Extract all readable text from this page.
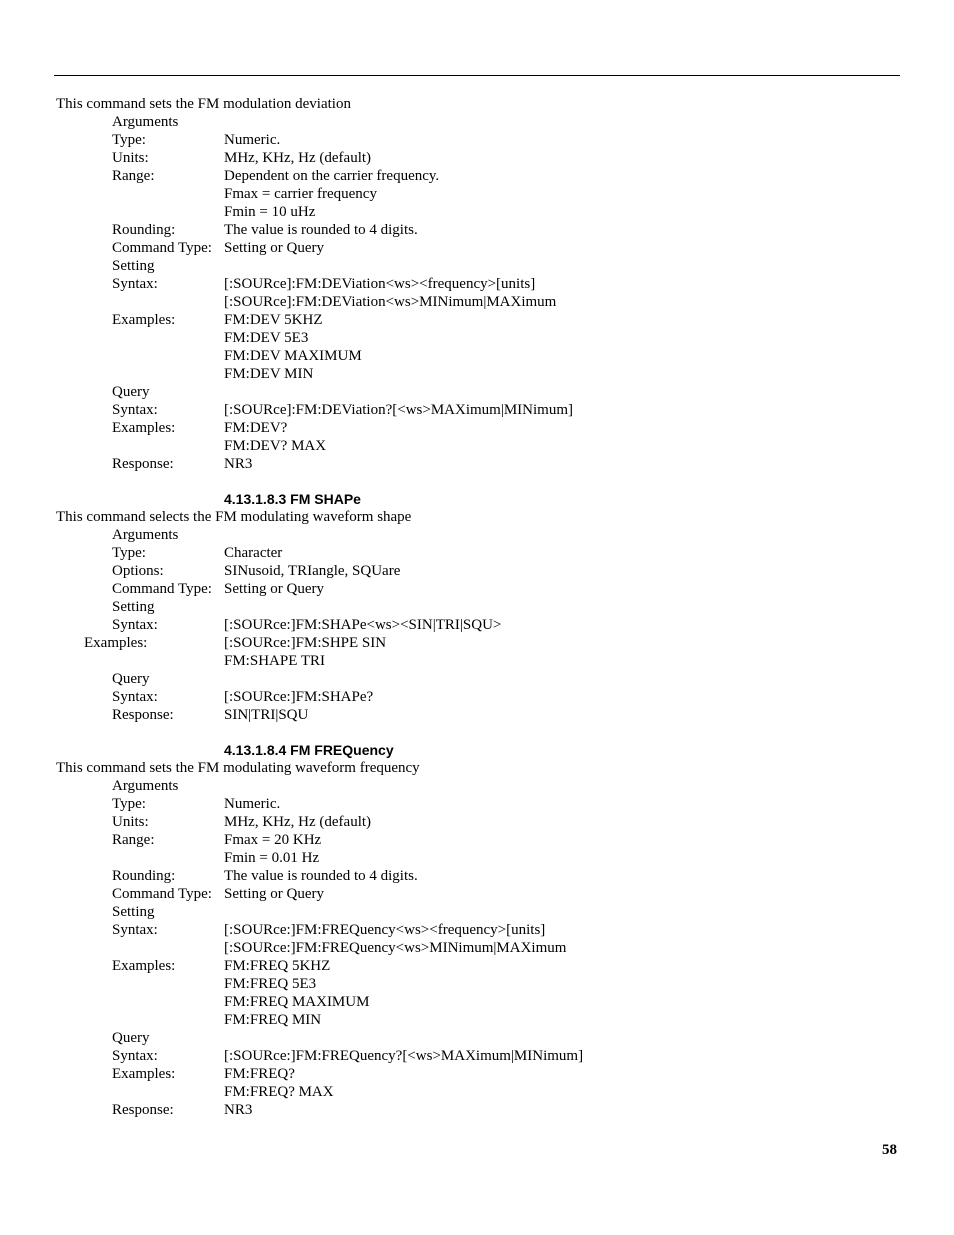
This command sets the FM modulation deviation
Arguments
Type:	Numeric.
Units:	MHz, KHz, Hz (default)
Range:	Dependent on the carrier frequency.
Fmax = carrier frequency
Fmin = 10 uHz
Rounding:	The value is rounded to 4 digits.
Command Type: Setting or Query
Setting
Syntax:	[:SOURce]:FM:DEViation<ws><frequency>[units]
[:SOURce]:FM:DEViation<ws>MINimum|MAXimum
Examples:	FM:DEV 5KHZ
FM:DEV 5E3
FM:DEV MAXIMUM
FM:DEV MIN
Query
Syntax:	[:SOURce]:FM:DEViation?[<ws>MAXimum|MINimum]
Examples:	FM:DEV?
FM:DEV? MAX
Response:	NR3
4.13.1.8.3 FM SHAPe
This command selects the FM modulating waveform shape
Arguments
Type:	Character
Options:	SINusoid, TRIangle, SQUare
Command Type: Setting or Query
Setting
Syntax:	[:SOURce:]FM:SHAPe<ws><SIN|TRI|SQU>
Examples:	[:SOURce:]FM:SHPE SIN
FM:SHAPE TRI
Query
Syntax:	[:SOURce:]FM:SHAPe?
Response:	SIN|TRI|SQU
4.13.1.8.4 FM FREQuency
This command sets the FM modulating waveform frequency
Arguments
Type:	Numeric.
Units:	MHz, KHz, Hz (default)
Range:	Fmax = 20 KHz
Fmin = 0.01 Hz
Rounding:	The value is rounded to 4 digits.
Command Type: Setting or Query
Setting
Syntax:	[:SOURce:]FM:FREQuency<ws><frequency>[units]
[:SOURce:]FM:FREQuency<ws>MINimum|MAXimum
Examples:	FM:FREQ 5KHZ
FM:FREQ 5E3
FM:FREQ MAXIMUM
FM:FREQ MIN
Query
Syntax:	[:SOURce:]FM:FREQuency?[<ws>MAXimum|MINimum]
Examples:	FM:FREQ?
FM:FREQ? MAX
Response:	NR3
58
